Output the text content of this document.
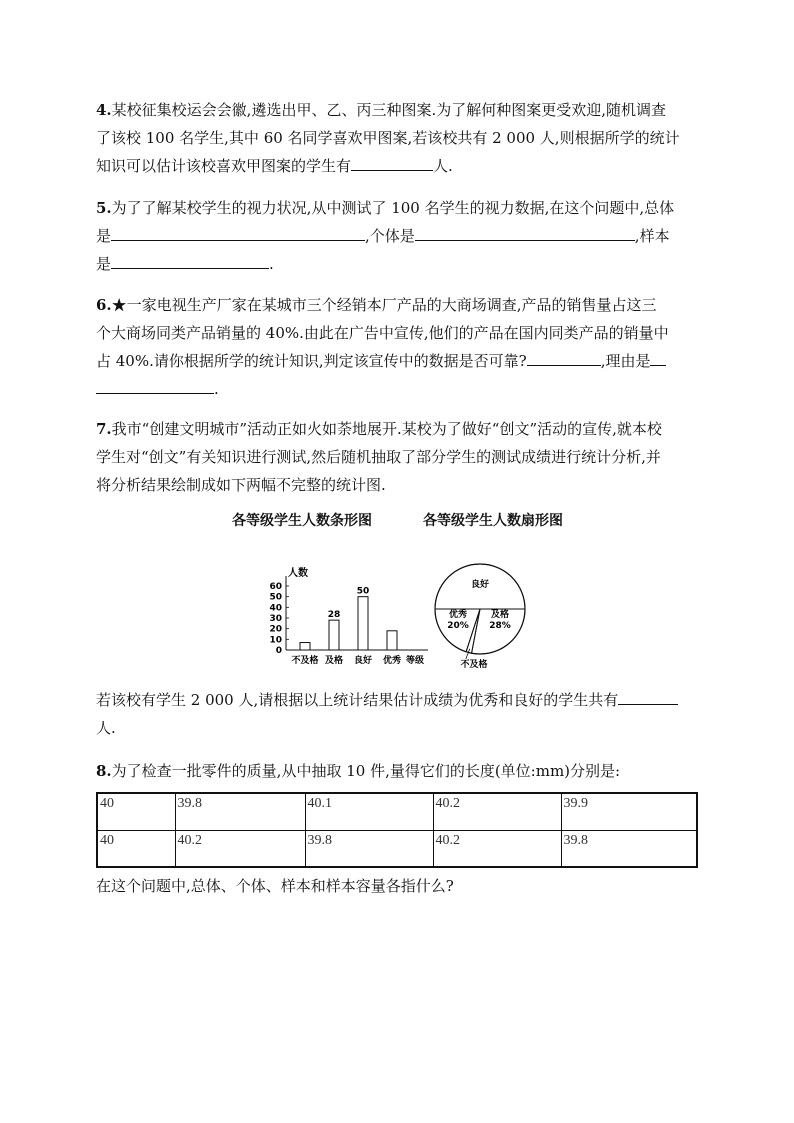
4.某校征集校运会会徽,遴选出甲、乙、丙三种图案.为了解何种图案更受欢迎,随机调查
了该校 100 名学生,其中 60 名同学喜欢甲图案,若该校共有 2 000 人,则根据所学的统计
知识可以估计该校喜欢甲图案的学生有	人.
5.为了了解某校学生的视力状况,从中测试了 100 名学生的视力数据,在这个问题中,总体
是	,个体是	,样本
是	.
6.★一家电视生产厂家在某城市三个经销本厂产品的大商场调查,产品的销售量占这三
个大商场同类产品销量的 40%.由此在广告中宣传,他们的产品在国内同类产品的销量中
占 40%.请你根据所学的统计知识,判定该宣传中的数据是否可靠?	,理由是
.
7.我市“创建文明城市”活动正如火如荼地展开.某校为了做好“创文”活动的宣传,就本校
学生对“创文”有关知识进行测试,然后随机抽取了部分学生的测试成绩进行统计分析,并
将分析结果绘制成如下两幅不完整的统计图.
各等级学生人数条形图	各等级学生人数扇形图
人数
等级
0
10
20
30
40
50
60
不及格 及格
28
良好
50
优秀
良好
及格
28%
不及格
优秀
20%
若该校有学生 2 000 人,请根据以上统计结果估计成绩为优秀和良好的学生共有
人.
8.为了检查一批零件的质量,从中抽取 10 件,量得它们的长度(单位:mm)分别是:
40	39.8	40.1	40.2	39.9
40	40.2	39.8	40.2	39.8
在这个问题中,总体、个体、样本和样本容量各指什么?
